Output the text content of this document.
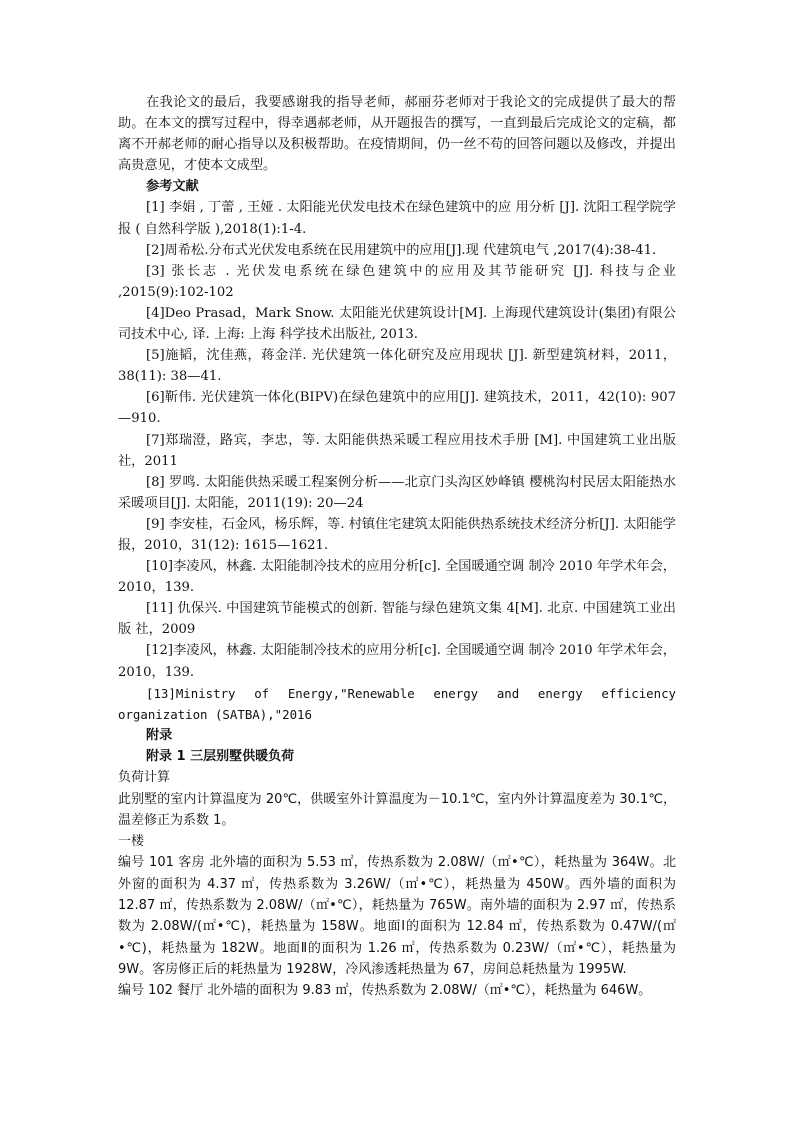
在我论文的最后，我要感谢我的指导老师，郝丽芬老师对于我论文的完成提供了最大的帮助。在本文的撰写过程中，得幸遇郝老师，从开题报告的撰写，一直到最后完成论文的定稿，都离不开郝老师的耐心指导以及积极帮助。在疫情期间，仍一丝不苟的回答问题以及修改，并提出高贵意见，才使本文成型。

参考文献

[1] 李娟 , 丁蕾 , 王娅 . 太阳能光伏发电技术在绿色建筑中的应 用分析 [J]. 沈阳工程学院学报 ( 自然科学版 ),2018(1):1-4.

[2]周希松.分布式光伏发电系统在民用建筑中的应用[J].现 代建筑电气 ,2017(4):38-41.

[3] 张长志 . 光伏发电系统在绿色建筑中的应用及其节能研究 [J]. 科技与企业 ,2015(9):102-102

[4]Deo Prasad，Mark Snow. 太阳能光伏建筑设计[M]. 上海现代建筑设计(集团)有限公司技术中心, 译. 上海: 上海 科学技术出版社, 2013.

[5]施韬，沈佳燕，蒋金洋. 光伏建筑一体化研究及应用现状 [J]. 新型建筑材料，2011，38(11): 38—41.

[6]靳伟. 光伏建筑一体化(BIPV)在绿色建筑中的应用[J]. 建筑技术，2011，42(10): 907—910.

[7]郑瑞澄，路宾，李忠，等. 太阳能供热采暖工程应用技术手册 [M]. 中国建筑工业出版社，2011

[8] 罗鸣. 太阳能供热采暖工程案例分析——北京门头沟区妙峰镇 樱桃沟村民居太阳能热水采暖项目[J]. 太阳能，2011(19): 20—24

[9] 李安桂，石金风，杨乐辉，等. 村镇住宅建筑太阳能供热系统技术经济分析[J]. 太阳能学报，2010，31(12): 1615—1621.

[10]李凌风，林鑫. 太阳能制冷技术的应用分析[c]. 全国暖通空调 制冷 2010 年学术年会，2010，139.

[11] 仇保兴. 中国建筑节能模式的创新. 智能与绿色建筑文集 4[M]. 北京. 中国建筑工业出版 社，2009

[12]李凌风，林鑫. 太阳能制冷技术的应用分析[c]. 全国暖通空调 制冷 2010 年学术年会，2010，139.

[13]Ministry of Energy,"Renewable energy and energy efficiency organization (SATBA),"2016

附录

附录 1 三层别墅供暖负荷

负荷计算

此别墅的室内计算温度为 20℃，供暖室外计算温度为－10.1℃，室内外计算温度差为 30.1℃，温差修正为系数 1。

一楼

编号 101 客房 北外墙的面积为 5.53 ㎡，传热系数为 2.08W/（㎡•℃），耗热量为 364W。北外窗的面积为 4.37 ㎡，传热系数为 3.26W/（㎡•℃），耗热量为 450W。西外墙的面积为 12.87 ㎡，传热系数为 2.08W/（㎡•℃），耗热量为 765W。南外墙的面积为 2.97 ㎡，传热系数为 2.08W/(㎡•℃)，耗热量为 158W。地面Ⅰ的面积为 12.84 ㎡，传热系数为 0.47W/(㎡•℃)，耗热量为 182W。地面Ⅱ的面积为 1.26 ㎡，传热系数为 0.23W/（㎡•℃），耗热量为 9W。客房修正后的耗热量为 1928W，冷风渗透耗热量为 67，房间总耗热量为 1995W.

编号 102 餐厅 北外墙的面积为 9.83 ㎡，传热系数为 2.08W/（㎡•℃），耗热量为 646W。
